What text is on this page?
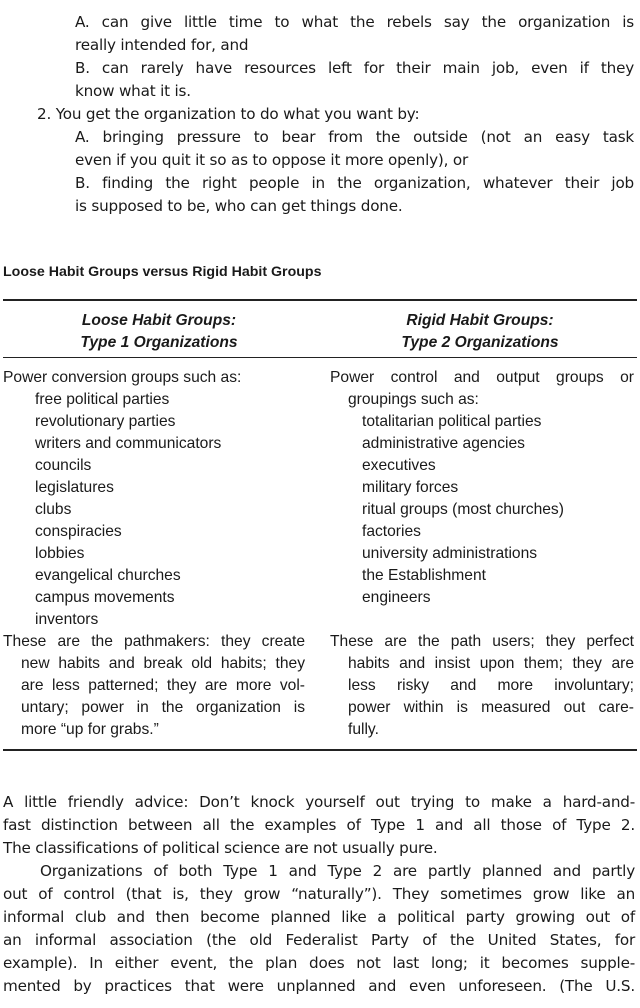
A. can give little time to what the rebels say the organization is
really intended for, and
B. can rarely have resources left for their main job, even if they
know what it is.
2. You get the organization to do what you want by:
A. bringing pressure to bear from the outside (not an easy task
even if you quit it so as to oppose it more openly), or
B. finding the right people in the organization, whatever their job
is supposed to be, who can get things done.
Loose Habit Groups versus Rigid Habit Groups
Loose Habit Groups:
Type 1 Organizations
Rigid Habit Groups:
Type 2 Organizations
Power conversion groups such as:
free political parties
revolutionary parties
writers and communicators
councils
legislatures
clubs
conspiracies
lobbies
evangelical churches
campus movements
inventors
These are the pathmakers: they create
new habits and break old habits; they
are less patterned; they are more vol-
untary; power in the organization is
more “up for grabs.”
Power control and output groups or
groupings such as:
totalitarian political parties
administrative agencies
executives
military forces
ritual groups (most churches)
factories
university administrations
the Establishment
engineers
These are the path users; they perfect
habits and insist upon them; they are
less risky and more involuntary;
power within is measured out care-
fully.
A little friendly advice: Don’t knock yourself out trying to make a hard-and-
fast distinction between all the examples of Type 1 and all those of Type 2.
The classifications of political science are not usually pure.
Organizations of both Type 1 and Type 2 are partly planned and partly
out of control (that is, they grow “naturally”). They sometimes grow like an
informal club and then become planned like a political party growing out of
an informal association (the old Federalist Party of the United States, for
example). In either event, the plan does not last long; it becomes supple-
mented by practices that were unplanned and even unforeseen. (The U.S.
